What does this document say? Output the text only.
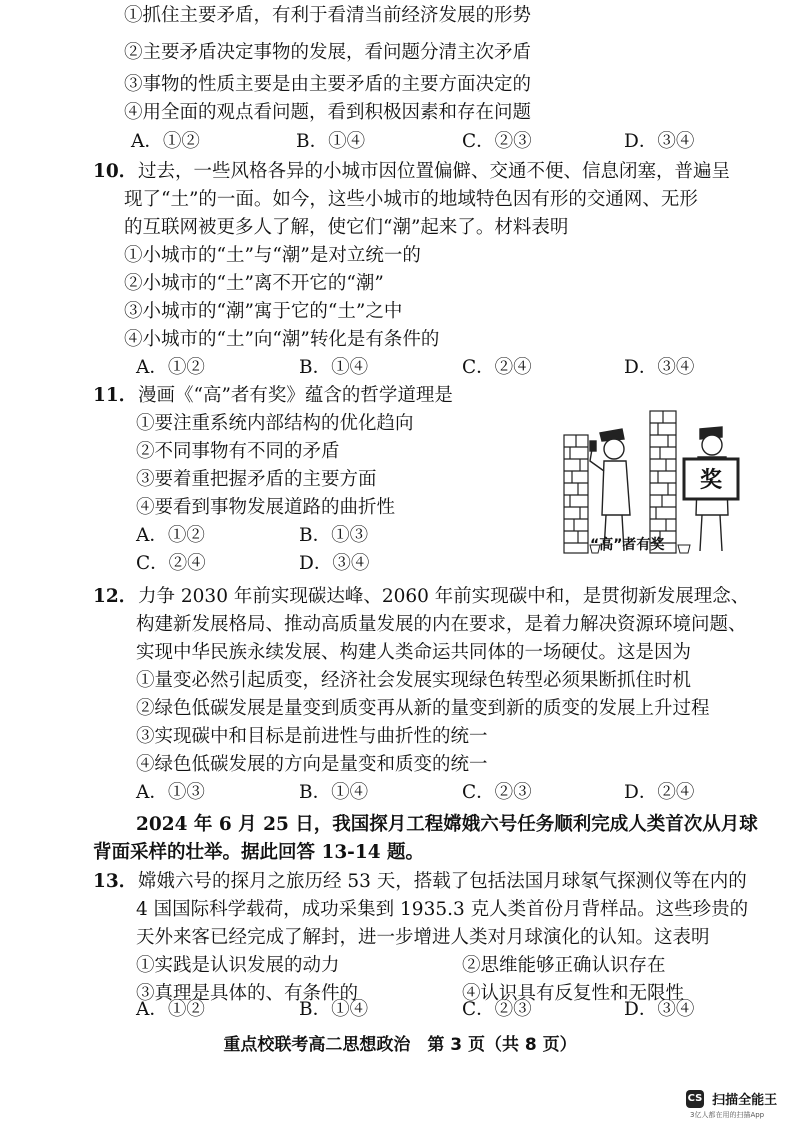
①抓住主要矛盾，有利于看清当前经济发展的形势
②主要矛盾决定事物的发展，看问题分清主次矛盾
③事物的性质主要是由主要矛盾的主要方面决定的
④用全面的观点看问题，看到积极因素和存在问题
A．①②	B．①④	C．②③	D．③④
10． 过去，一些风格各异的小城市因位置偏僻、交通不便、信息闭塞，普遍呈
现了“土”的一面。如今，这些小城市的地域特色因有形的交通网、无形
的互联网被更多人了解，使它们“潮”起来了。材料表明
①小城市的“土”与“潮”是对立统一的
②小城市的“土”离不开它的“潮”
③小城市的“潮”寓于它的“土”之中
④小城市的“土”向“潮”转化是有条件的
A．①②	B．①④	C．②④	D．③④
11． 漫画《“高”者有奖》蕴含的哲学道理是
①要注重系统内部结构的优化趋向
②不同事物有不同的矛盾
③要着重把握矛盾的主要方面
④要看到事物发展道路的曲折性
A．①②	B．①③
C．②④	D．③④
奖
“高”者有奖
12． 力争 2030 年前实现碳达峰、2060 年前实现碳中和，是贯彻新发展理念、
构建新发展格局、推动高质量发展的内在要求，是着力解决资源环境问题、
实现中华民族永续发展、构建人类命运共同体的一场硬仗。这是因为
①量变必然引起质变，经济社会发展实现绿色转型必须果断抓住时机
②绿色低碳发展是量变到质变再从新的量变到新的质变的发展上升过程
③实现碳中和目标是前进性与曲折性的统一
④绿色低碳发展的方向是量变和质变的统一
A．①③	B．①④	C．②③	D．②④
2024 年 6 月 25 日，我国探月工程嫦娥六号任务顺利完成人类首次从月球
背面采样的壮举。据此回答 13-14 题。
13． 嫦娥六号的探月之旅历经 53 天，搭载了包括法国月球氡气探测仪等在内的
4 国国际科学载荷，成功采集到 1935.3 克人类首份月背样品。这些珍贵的
天外来客已经完成了解封，进一步增进人类对月球演化的认知。这表明
①实践是认识发展的动力	②思维能够正确认识存在
③真理是具体的、有条件的	④认识具有反复性和无限性
A．①②	B．①④	C．②③	D．③④
重点校联考高二思想政治　第 3 页（共 8 页）
CS 扫描全能王
3亿人都在用的扫描App
